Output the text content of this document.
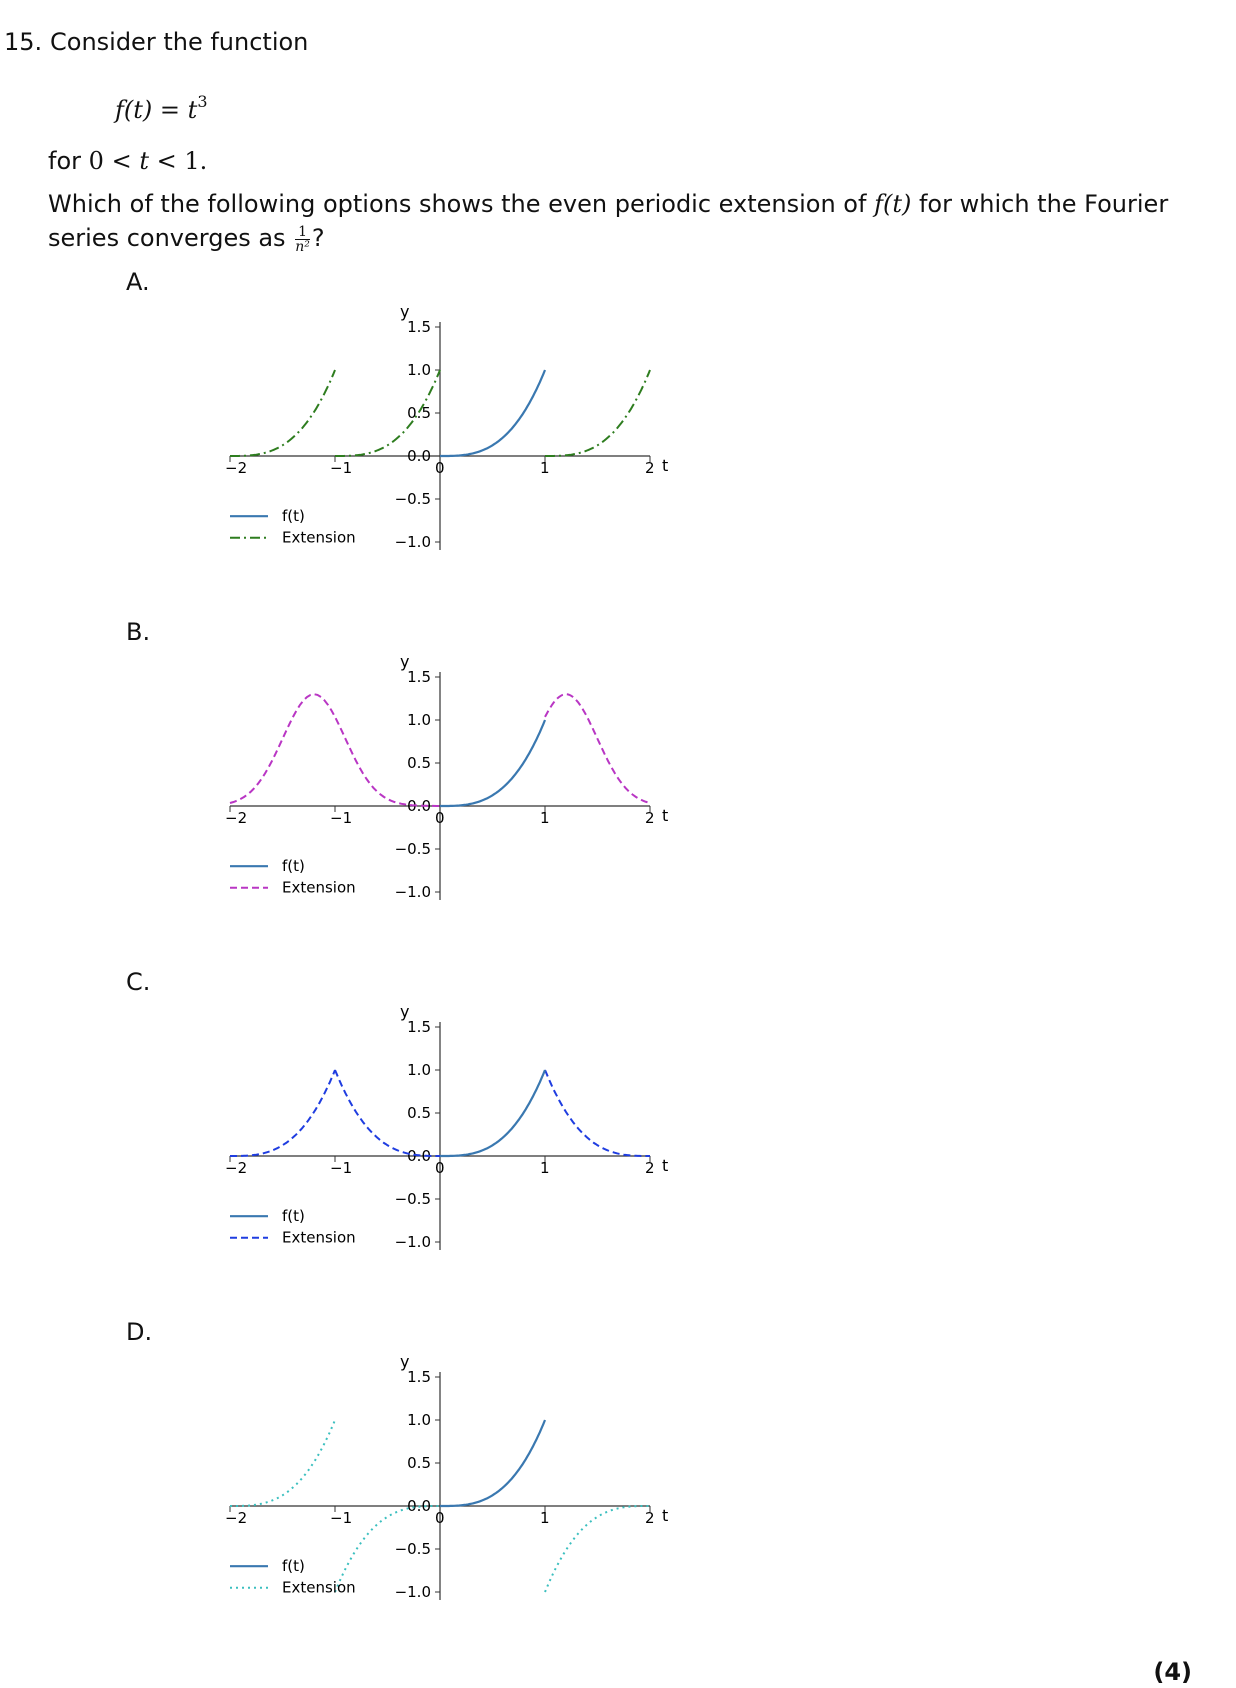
15. Consider the function
$f(t) = t^3$
for 0 < t < 1.
Which of the following options shows the even periodic extension of f(t) for which the Fourier
series converges as $\frac{1}{\text{n²}}$ ?
A.
B.
C.
D.
−2	−1	0	1	2 t
1.5
1.0
0.5
0.0
−0.5
−1.0
y
f(t)
Extension
−2	−1	0	1	2 t
1.5
1.0
0.5
0.0
−0.5
−1.0
y
f(t)
Extension
−2	−1	0	1	2 t
1.5
1.0
0.5
0.0
−0.5
−1.0
y
f(t)
Extension
−2	−1	0	1	2 t
1.5
1.0
0.5
0.0
−0.5
−1.0
y
f(t)
Extension
(4)
